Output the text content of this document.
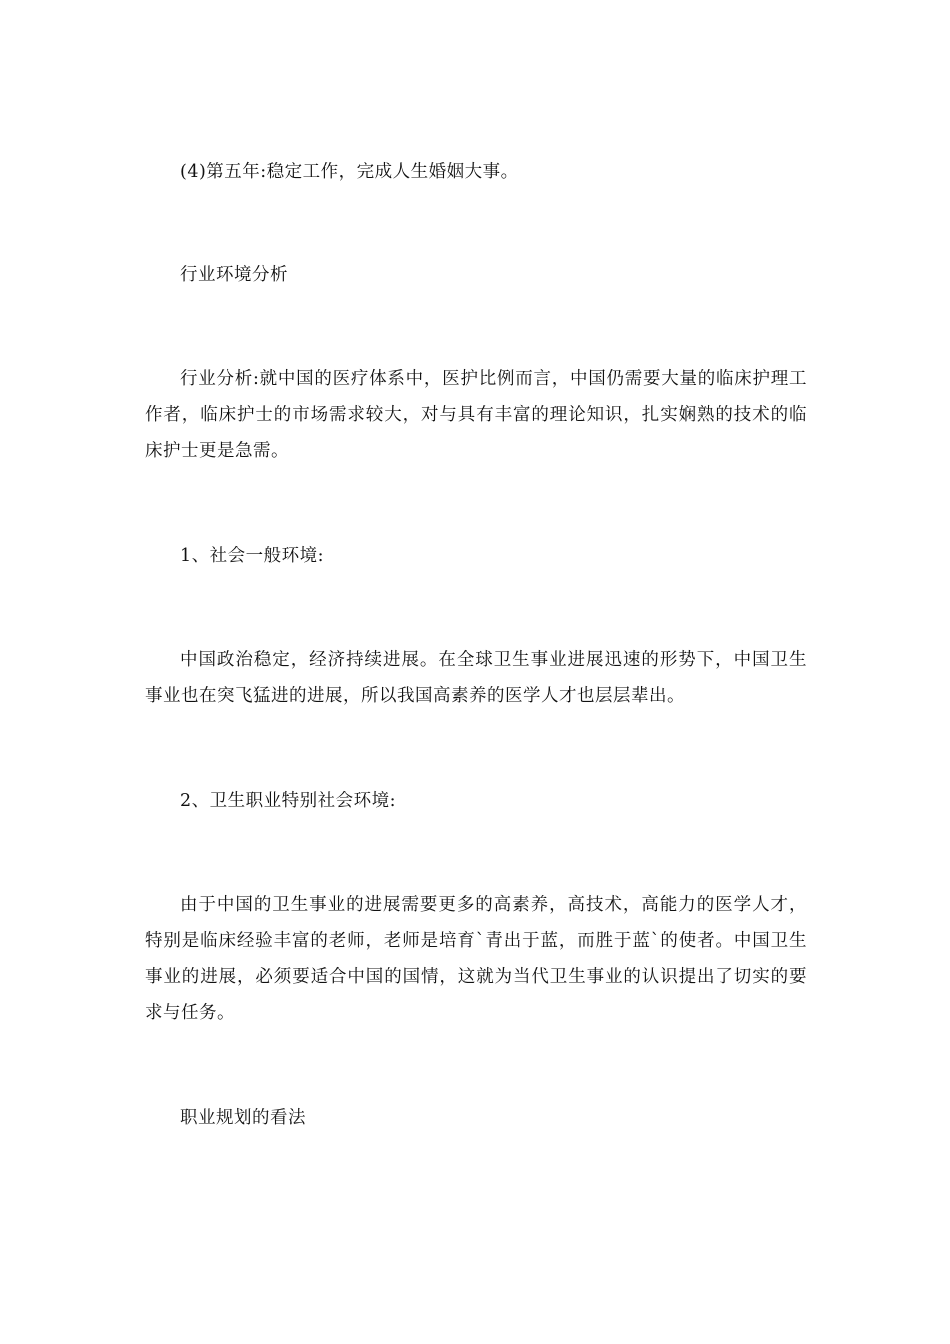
(4)第五年:稳定工作，完成人生婚姻大事。

行业环境分析

行业分析:就中国的医疗体系中，医护比例而言，中国仍需要大量的临床护理工作者，临床护士的市场需求较大，对与具有丰富的理论知识，扎实娴熟的技术的临床护士更是急需。

1、社会一般环境:

中国政治稳定，经济持续进展。在全球卫生事业进展迅速的形势下，中国卫生事业也在突飞猛进的进展，所以我国高素养的医学人才也层层辈出。

2、卫生职业特别社会环境:

由于中国的卫生事业的进展需要更多的高素养，高技术，高能力的医学人才，特别是临床经验丰富的老师，老师是培育`青出于蓝，而胜于蓝`的使者。中国卫生事业的进展，必须要适合中国的国情，这就为当代卫生事业的认识提出了切实的要求与任务。

职业规划的看法
